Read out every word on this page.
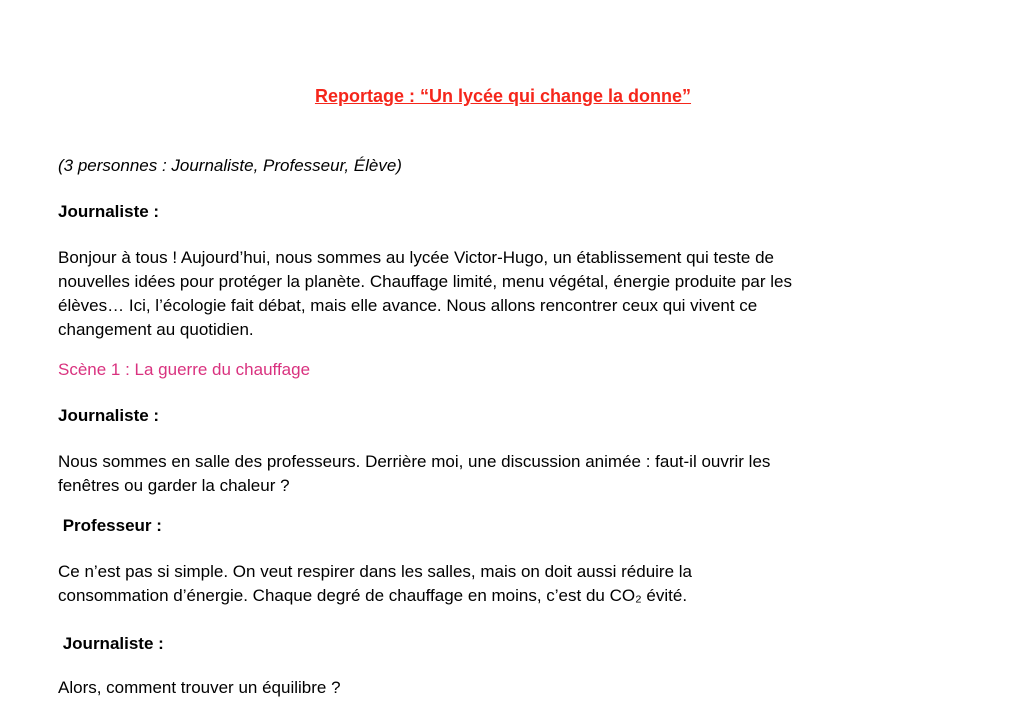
Reportage : “Un lycée qui change la donne”

(3 personnes : Journaliste, Professeur, Élève)

Journaliste :
Bonjour à tous ! Aujourd’hui, nous sommes au lycée Victor-Hugo, un établissement qui teste de
nouvelles idées pour protéger la planète. Chauffage limité, menu végétal, énergie produite par les
élèves… Ici, l’écologie fait débat, mais elle avance. Nous allons rencontrer ceux qui vivent ce
changement au quotidien.
Scène 1 : La guerre du chauffage
Journaliste :
Nous sommes en salle des professeurs. Derrière moi, une discussion animée : faut-il ouvrir les
fenêtres ou garder la chaleur ?
Professeur :
Ce n’est pas si simple. On veut respirer dans les salles, mais on doit aussi réduire la
consommation d’énergie. Chaque degré de chauffage en moins, c’est du CO₂ évité.
Journaliste :
Alors, comment trouver un équilibre ?
